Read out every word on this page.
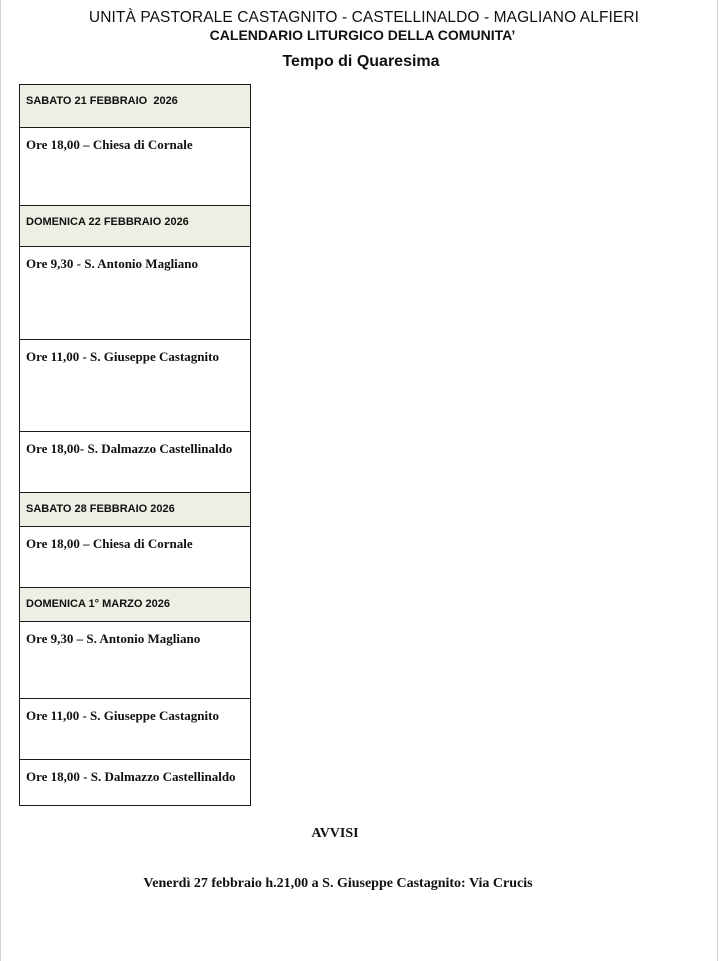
UNITÀ PASTORALE CASTAGNITO - CASTELLINALDO - MAGLIANO ALFIERI
CALENDARIO LITURGICO DELLA COMUNITA’
Tempo di Quaresima
SABATO 21 FEBBRAIO  2026
Ore 18,00 – Chiesa di Cornale
DOMENICA 22 FEBBRAIO 2026
Ore 9,30 - S. Antonio Magliano
Ore 11,00 - S. Giuseppe Castagnito
Ore 18,00- S. Dalmazzo Castellinaldo
SABATO 28 FEBBRAIO 2026
Ore 18,00 – Chiesa di Cornale
DOMENICA 1° MARZO 2026
Ore 9,30 – S. Antonio Magliano
Ore 11,00 - S. Giuseppe Castagnito
Ore 18,00 - S. Dalmazzo Castellinaldo
AVVISI
Venerdì 27 febbraio h.21,00 a S. Giuseppe Castagnito: Via Crucis
